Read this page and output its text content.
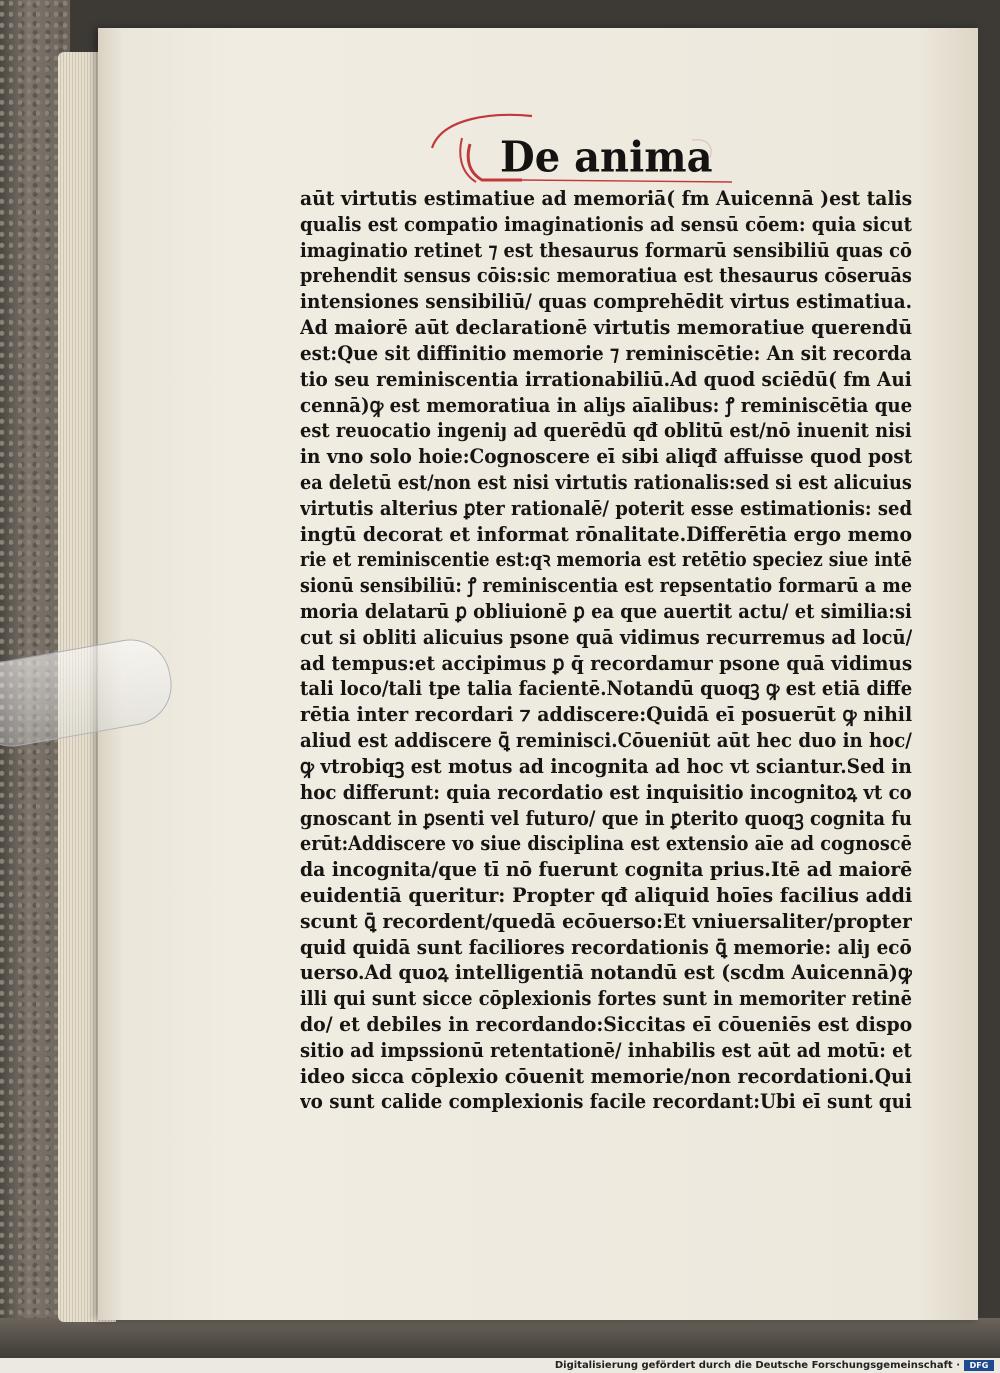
De anima
aūt virtutis estimatiue ad memoriā( fm Auicennā )est talis
qualis est compatio imaginationis ad sensū cōem: quia sicut
imaginatio retinet ⁊ est thesaurus formarū sensibiliū quas cō
prehendit sensus cōis:sic memoratiua est thesaurus cōseruās
intensiones sensibiliū/ quas comprehēdit virtus estimatiua.
Ad maiorē aūt declarationē virtutis memoratiue querendū
est:Que sit diffinitio memorie ⁊ reminiscētie: An sit recorda
tio seu reminiscentia irrationabiliū.Ad quod sciēdū( fm Aui
cennā)ꝙ est memoratiua in aliȷs aīalibus: ꝭ reminiscētia que
est reuocatio ingeniȷ ad querēdū qđ oblitū est/nō inuenit nisi
in vno solo hoie:Cognoscere eī sibi aliqđ affuisse quod post
ea deletū est/non est nisi virtutis rationalis:sed si est alicuius
virtutis alterius ꝑter rationalē/ poterit esse estimationis: sed
ingtū decorat et informat rōnalitate.Differētia ergo memo
rie et reminiscentie est:qꝛ memoria est retētio speciez siue intē
sionū sensibiliū: ꝭ reminiscentia est repsentatio formarū a me
moria delatarū ꝑ obliuionē ꝑ ea que auertit actu/ et similia:si
cut si obliti alicuius psone quā vidimus recurremus ad locū/
ad tempus:et accipimus ꝑ q̄ recordamur psone quā vidimus
tali loco/tali tpe talia facientē.Notandū quoqꝫ ꝙ est etiā diffe
rētia inter recordari ⁊ addiscere:Quidā eī posuerūt ꝙ nihil
aliud est addiscere ꝗ̄ reminisci.Cōueniūt aūt hec duo in hoc/
ꝙ vtrobiqꝫ est motus ad incognita ad hoc vt sciantur.Sed in
hoc differunt: quia recordatio est inquisitio incognitoꝝ vt co
gnoscant in ꝑsenti vel futuro/ que in ꝑterito quoqꝫ cognita fu
erūt:Addiscere vo siue disciplina est extensio aīe ad cognoscē
da incognita/que tī nō fuerunt cognita prius.Itē ad maiorē
euidentiā queritur: Propter qđ aliquid hoīes facilius addi
scunt ꝗ̄ recordent/quedā ecōuerso:Et vniuersaliter/propter
quid quidā sunt faciliores recordationis ꝗ̄ memorie: aliȷ ecō
uerso.Ad quoꝝ intelligentiā notandū est (scdm Auicennā)ꝙ
illi qui sunt sicce cōplexionis fortes sunt in memoriter retinē
do/ et debiles in recordando:Siccitas eī cōueniēs est dispo
sitio ad impssionū retentationē/ inhabilis est aūt ad motū: et
ideo sicca cōplexio cōuenit memorie/non recordationi.Qui
vo sunt calide complexionis facile recordant:Ubi eī sunt qui
Digitalisierung gefördert durch die Deutsche Forschungsgemeinschaft ·	DFG
